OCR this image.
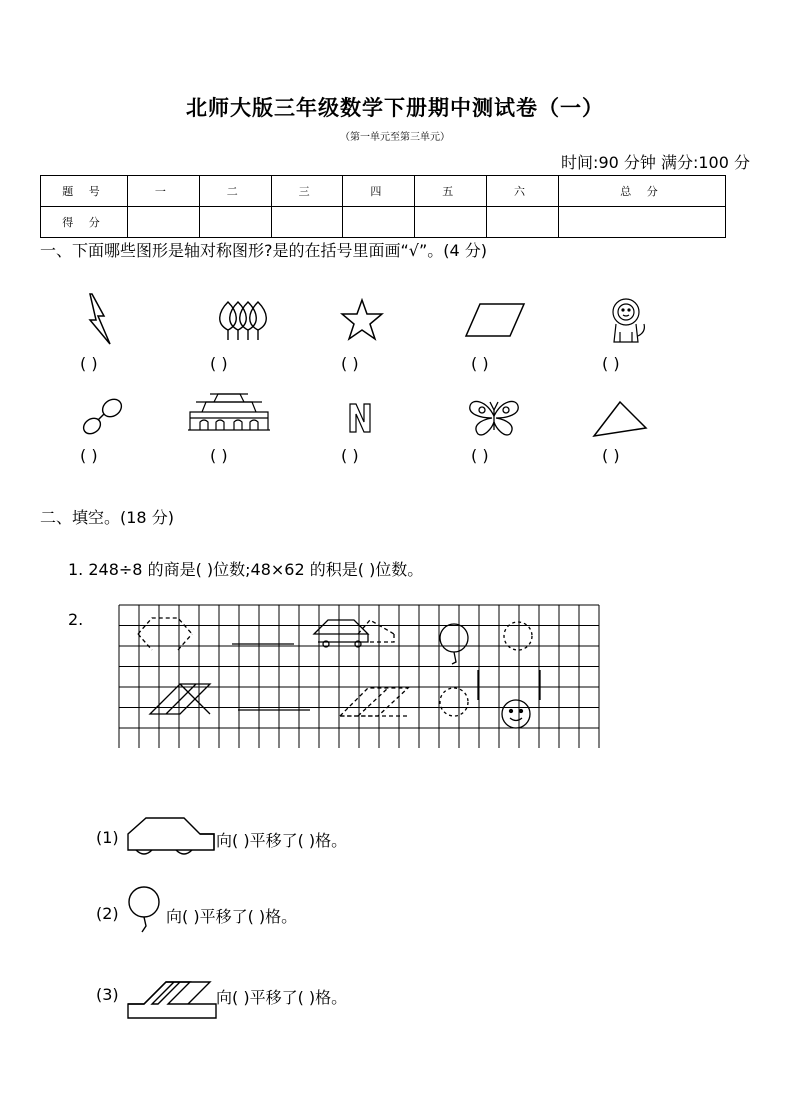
北师大版三年级数学下册期中测试卷（一）
（第一单元至第三单元）
时间:90 分钟 满分:100 分
题 号	一	二	三	四	五	六	总 分
得 分							
一、下面哪些图形是轴对称图形?是的在括号里面画“√”。(4 分)
( )	( )	( )	( )	( )
( )	( )	( )	( )	( )
二、填空。(18 分)
1. 248÷8 的商是( )位数;48×62 的积是( )位数。
2.
(1)	向( )平移了( )格。
(2)	向( )平移了( )格。
(3)	向( )平移了( )格。
